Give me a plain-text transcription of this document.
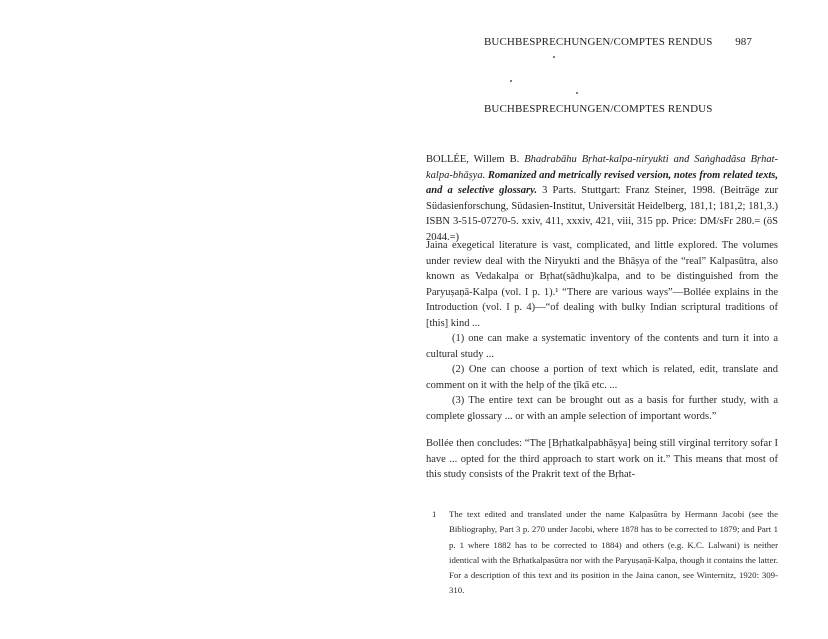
BUCHBESPRECHUNGEN/COMPTES RENDUS 987
BUCHBESPRECHUNGEN/COMPTES RENDUS

BOLLÉE, Willem B. Bhadrabāhu Bṛhat-kalpa-niryukti and Saṅghadāsa Bṛhat-kalpa-bhāṣya. Romanized and metrically revised version, notes from related texts, and a selective glossary. 3 Parts. Stuttgart: Franz Steiner, 1998. (Beiträge zur Südasienforschung, Südasien-Institut, Universität Heidelberg, 181,1; 181,2; 181,3.) ISBN 3-515-07270-5. xxiv, 411, xxxiv, 421, viii, 315 pp. Price: DM/sFr 280.= (öS 2044.=)

Jaina exegetical literature is vast, complicated, and little explored. The volumes under review deal with the Niryukti and the Bhāṣya of the “real” Kalpasūtra, also known as Vedakalpa or Bṛhat(sādhu)kalpa, and to be distinguished from the Paryuṣaṇā-Kalpa (vol. I p. 1).¹ “There are various ways”—Bollée explains in the Introduction (vol. I p. 4)—“of dealing with bulky Indian scriptural traditions of [this] kind ...

(1) one can make a systematic inventory of the contents and turn it into a cultural study ...

(2) One can choose a portion of text which is related, edit, translate and comment on it with the help of the ṭīkā etc. ...

(3) The entire text can be brought out as a basis for further study, with a complete glossary ... or with an ample selection of important words.”

Bollée then concludes: “The [Bṛhatkalpabhāṣya] being still virginal territory sofar I have ... opted for the third approach to start work on it.” This means that most of this study consists of the Prakrit text of the Bṛhat-

1 The text edited and translated under the name Kalpasūtra by Hermann Jacobi (see the Bibliography, Part 3 p. 270 under Jacobi, where 1878 has to be corrected to 1879; and Part 1 p. 1 where 1882 has to be corrected to 1884) and others (e.g. K.C. Lalwani) is neither identical with the Bṛhatkalpasūtra nor with the Paryuṣaṇā-Kalpa, though it contains the latter. For a description of this text and its position in the Jaina canon, see Winternitz, 1920: 309-310.
